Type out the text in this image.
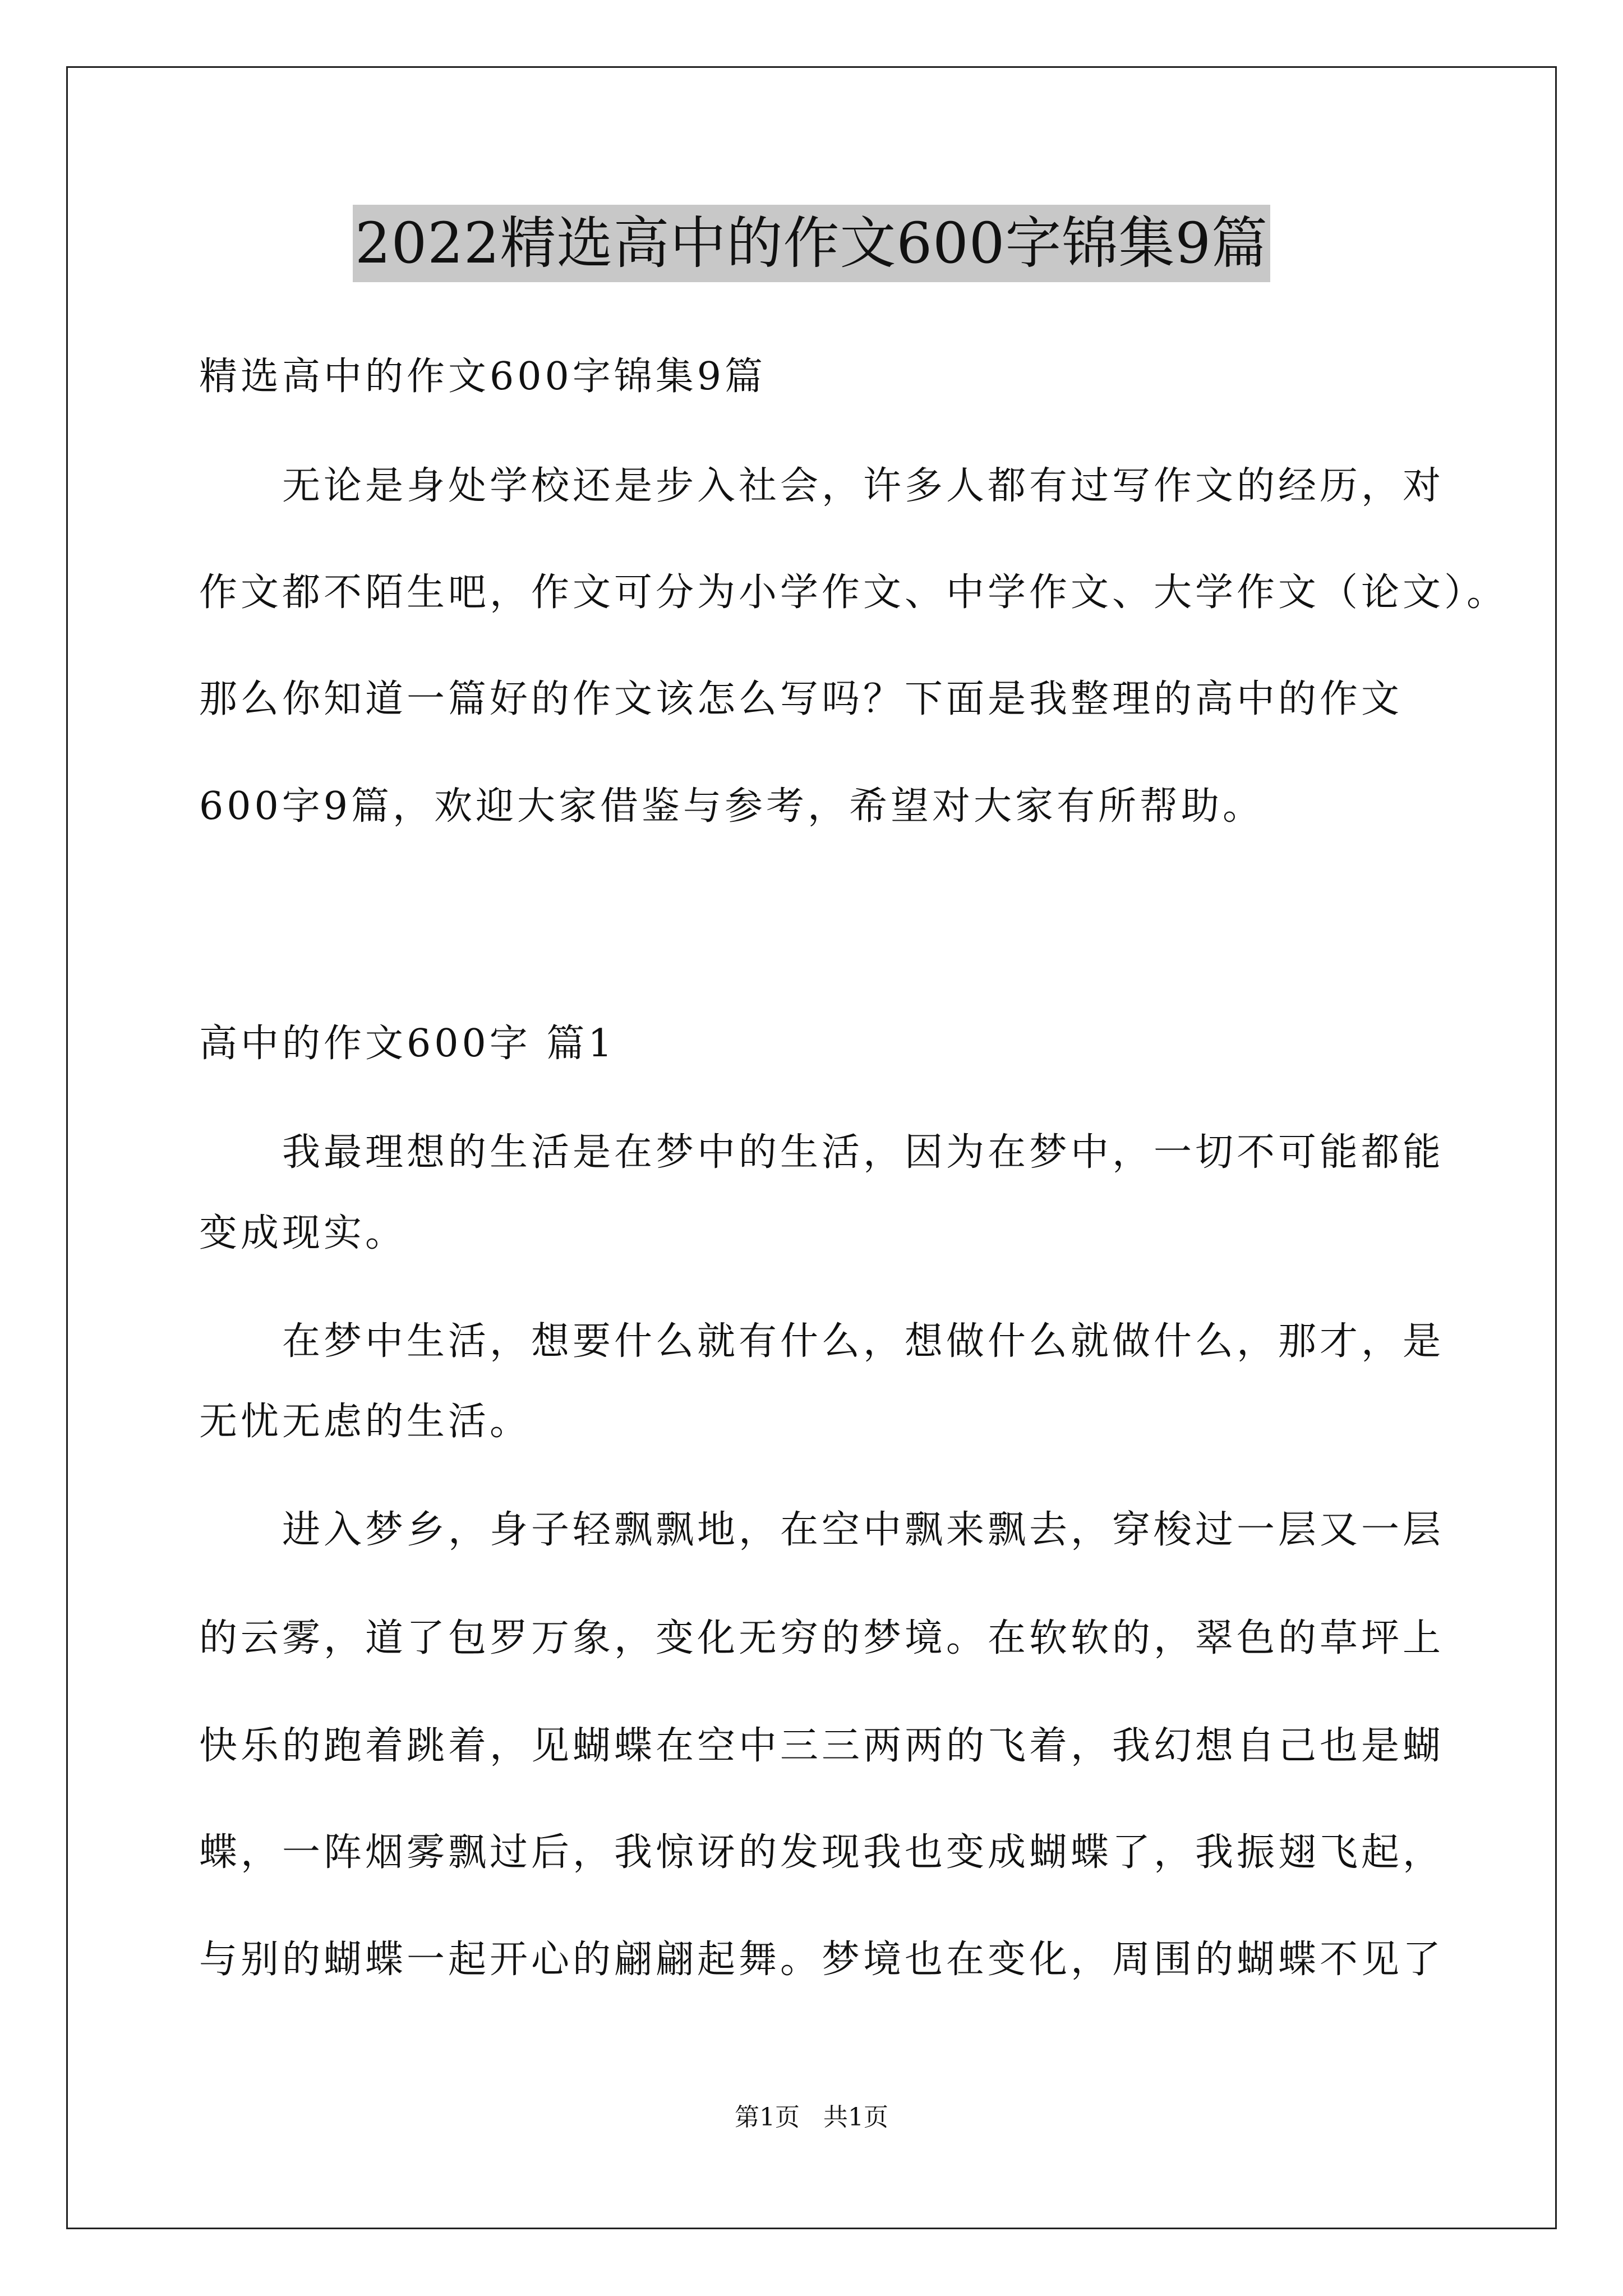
2022精选高中的作文600字锦集9篇
精选高中的作文600字锦集9篇
无论是身处学校还是步入社会，许多人都有过写作文的经历，对
作文都不陌生吧，作文可分为小学作文、中学作文、大学作文（论文）。
那么你知道一篇好的作文该怎么写吗？下面是我整理的高中的作文
600字9篇，欢迎大家借鉴与参考，希望对大家有所帮助。
高中的作文600字 篇1
我最理想的生活是在梦中的生活，因为在梦中，一切不可能都能
变成现实。
在梦中生活，想要什么就有什么，想做什么就做什么，那才，是
无忧无虑的生活。
进入梦乡，身子轻飘飘地，在空中飘来飘去，穿梭过一层又一层
的云雾，道了包罗万象，变化无穷的梦境。在软软的，翠色的草坪上
快乐的跑着跳着，见蝴蝶在空中三三两两的飞着，我幻想自己也是蝴
蝶，一阵烟雾飘过后，我惊讶的发现我也变成蝴蝶了，我振翅飞起，
与别的蝴蝶一起开心的翩翩起舞。梦境也在变化，周围的蝴蝶不见了
第1页   共1页
